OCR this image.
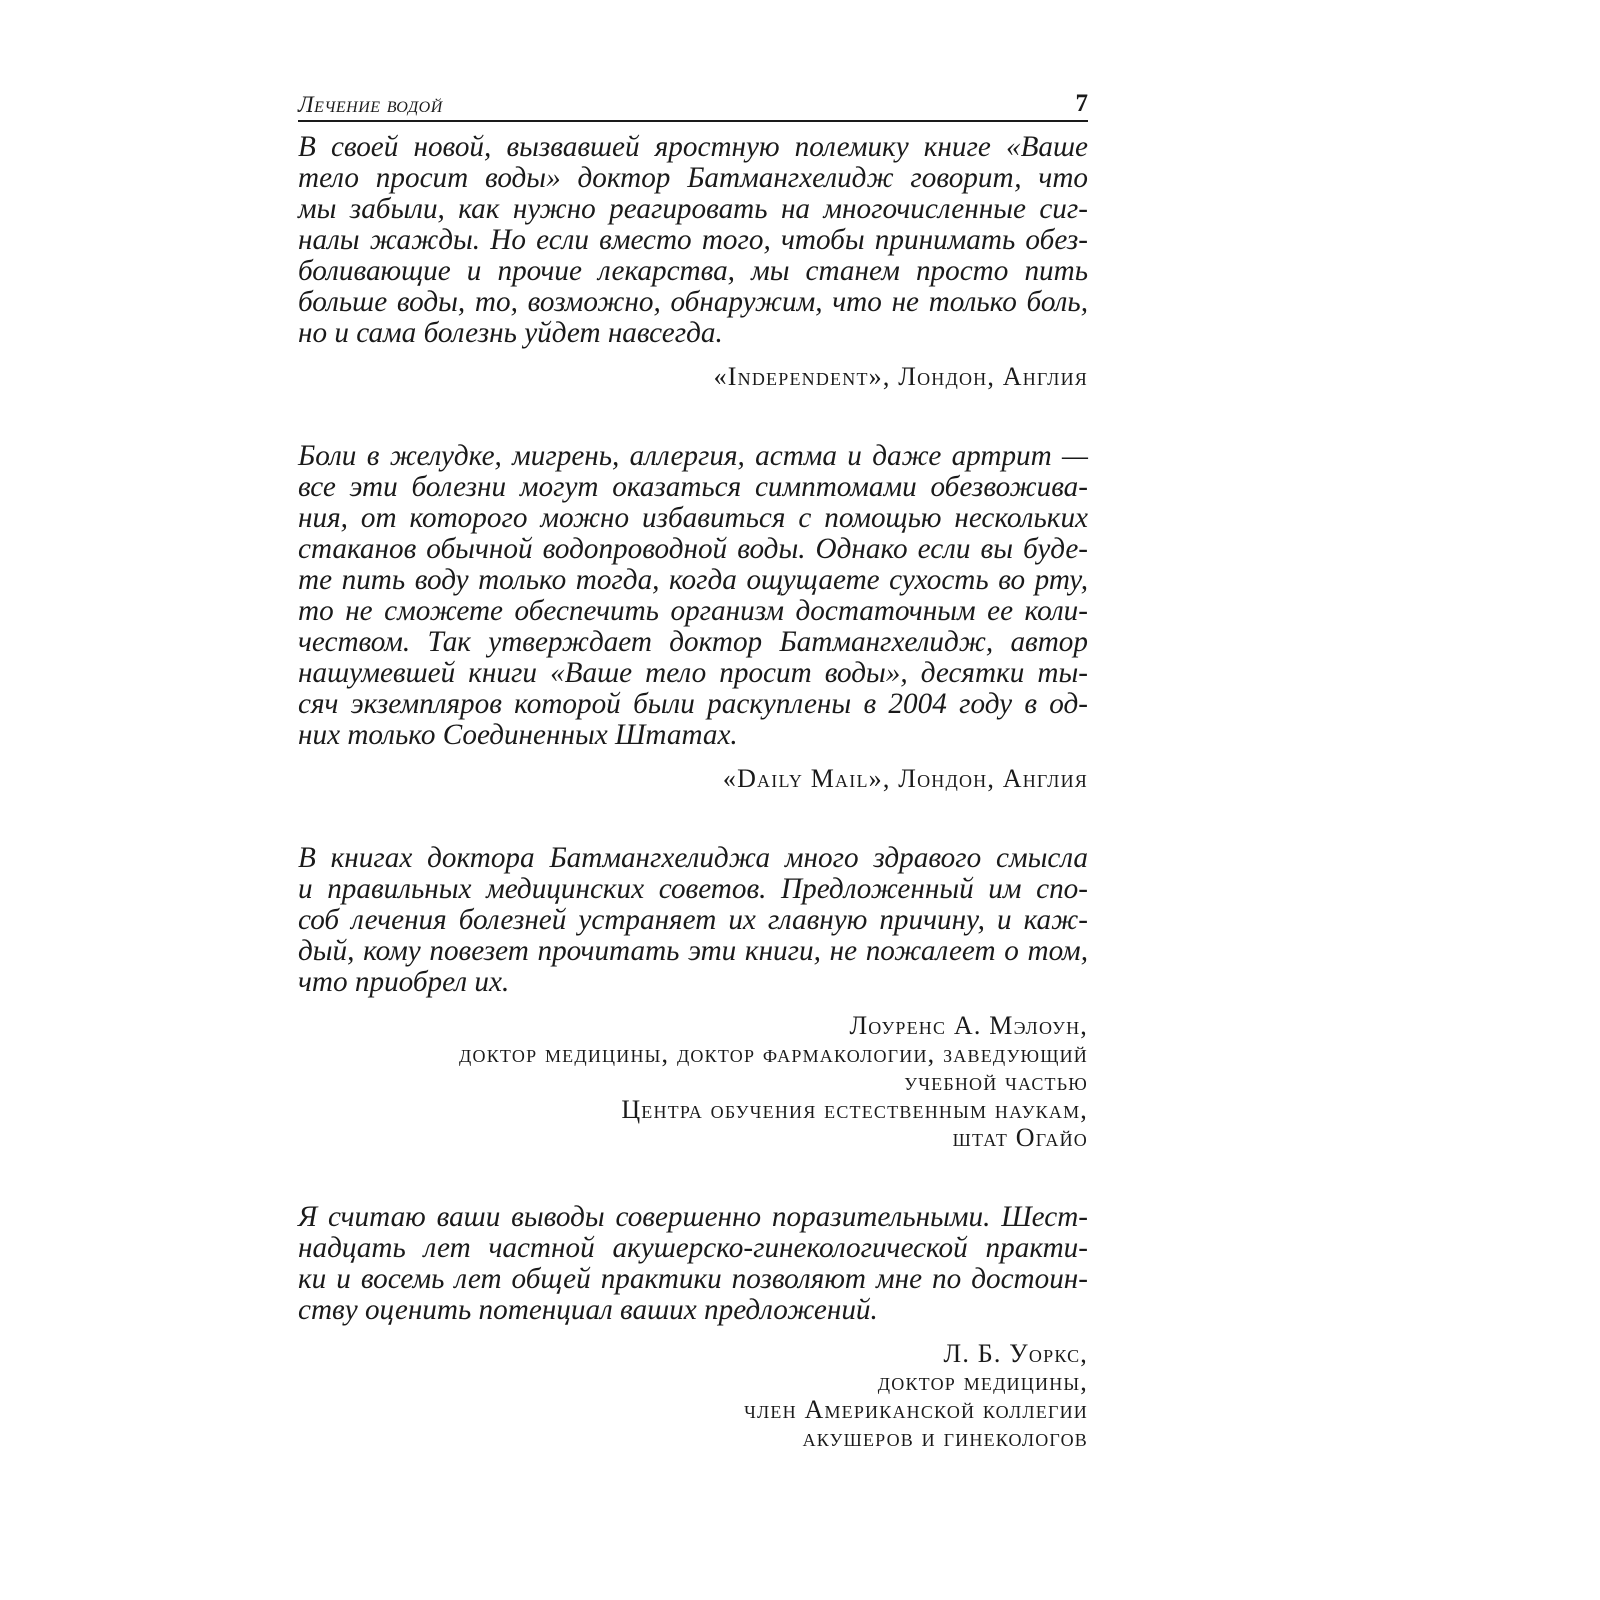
Лечение водой	7
В своей новой, вызвавшей яростную полемику книге «Ваше
тело просит воды» доктор Батмангхелидж говорит, что
мы забыли, как нужно реагировать на многочисленные сиг-
налы жажды. Но если вместо того, чтобы принимать обез-
боливающие и прочие лекарства, мы станем просто пить
больше воды, то, возможно, обнаружим, что не только боль,
но и сама болезнь уйдет навсегда.
«Independent», Лондон, Англия
Боли в желудке, мигрень, аллергия, астма и даже артрит —
все эти болезни могут оказаться симптомами обезвожива-
ния, от которого можно избавиться с помощью нескольких
стаканов обычной водопроводной воды. Однако если вы буде-
те пить воду только тогда, когда ощущаете сухость во рту,
то не сможете обеспечить организм достаточным ее коли-
чеством. Так утверждает доктор Батмангхелидж, автор
нашумевшей книги «Ваше тело просит воды», десятки ты-
сяч экземпляров которой были раскуплены в 2004 году в од-
них только Соединенных Штатах.
«Daily Mail», Лондон, Англия
В книгах доктора Батмангхелиджа много здравого смысла
и правильных медицинских советов. Предложенный им спо-
соб лечения болезней устраняет их главную причину, и каж-
дый, кому повезет прочитать эти книги, не пожалеет о том,
что приобрел их.
Лоуренс А. Мэлоун,
доктор медицины, доктор фармакологии, заведующий
учебной частью
Центра обучения естественным наукам,
штат Огайо
Я считаю ваши выводы совершенно поразительными. Шест-
надцать лет частной акушерско-гинекологической практи-
ки и восемь лет общей практики позволяют мне по достоин-
ству оценить потенциал ваших предложений.
Л. Б. Уоркс,
доктор медицины,
член Американской коллегии
акушеров и гинекологов
